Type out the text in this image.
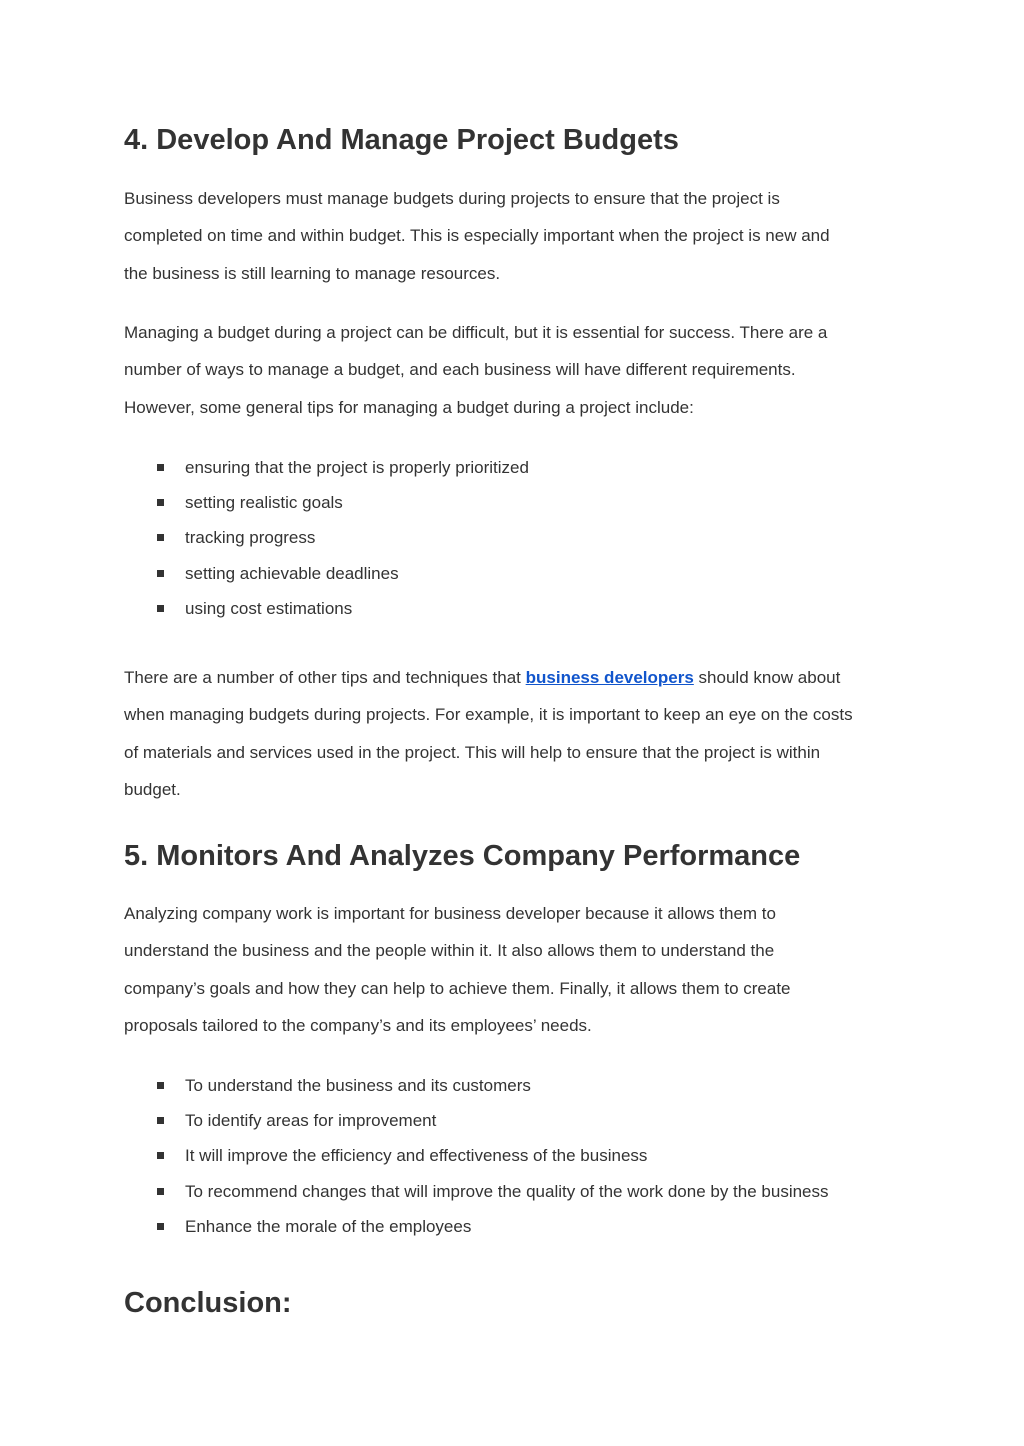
4. Develop And Manage Project Budgets

Business developers must manage budgets during projects to ensure that the project is
completed on time and within budget. This is especially important when the project is new and
the business is still learning to manage resources.

Managing a budget during a project can be difficult, but it is essential for success. There are a
number of ways to manage a budget, and each business will have different requirements.
However, some general tips for managing a budget during a project include:

ensuring that the project is properly prioritized
setting realistic goals
tracking progress
setting achievable deadlines
using cost estimations

There are a number of other tips and techniques that business developers should know about
when managing budgets during projects. For example, it is important to keep an eye on the costs
of materials and services used in the project. This will help to ensure that the project is within
budget.

5. Monitors And Analyzes Company Performance

Analyzing company work is important for business developer because it allows them to
understand the business and the people within it. It also allows them to understand the
company’s goals and how they can help to achieve them. Finally, it allows them to create
proposals tailored to the company’s and its employees’ needs.

To understand the business and its customers
To identify areas for improvement
It will improve the efficiency and effectiveness of the business
To recommend changes that will improve the quality of the work done by the business
Enhance the morale of the employees
Conclusion:
